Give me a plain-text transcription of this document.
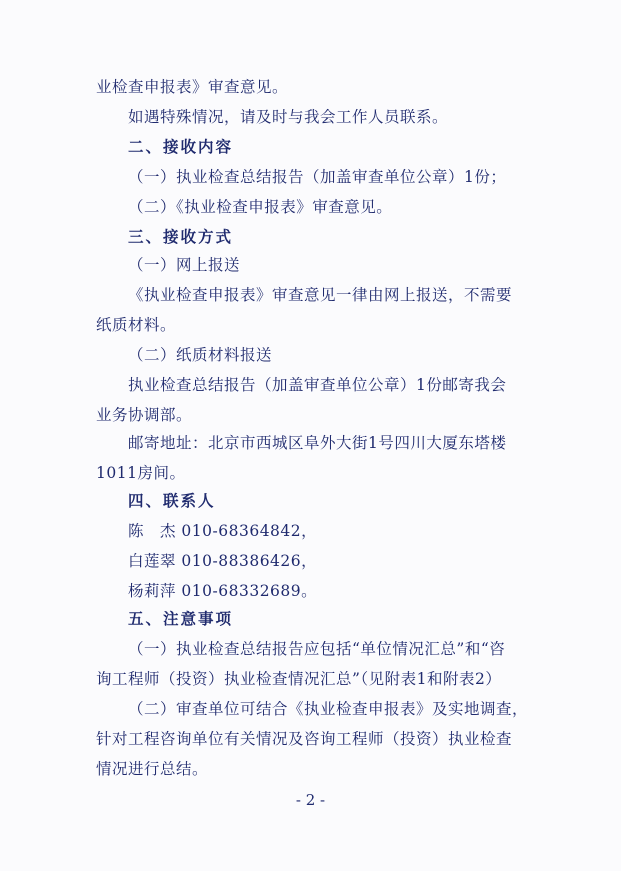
业检查申报表》审查意见。
如遇特殊情况，请及时与我会工作人员联系。
二、接收内容
（一）执业检查总结报告（加盖审查单位公章）1份；
（二）《执业检查申报表》审查意见。
三、接收方式
（一）网上报送
《执业检查申报表》审查意见一律由网上报送，不需要
纸质材料。
（二）纸质材料报送
执业检查总结报告（加盖审查单位公章）1份邮寄我会
业务协调部。
邮寄地址：北京市西城区阜外大街1号四川大厦东塔楼
1011房间。
四、联系人
陈　杰 010-68364842，
白莲翠 010-88386426，
杨莉萍 010-68332689。
五、注意事项
（一）执业检查总结报告应包括“单位情况汇总”和“咨
询工程师（投资）执业检查情况汇总”（见附表1和附表2）
（二）审查单位可结合《执业检查申报表》及实地调查，
针对工程咨询单位有关情况及咨询工程师（投资）执业检查
情况进行总结。
- 2 -
